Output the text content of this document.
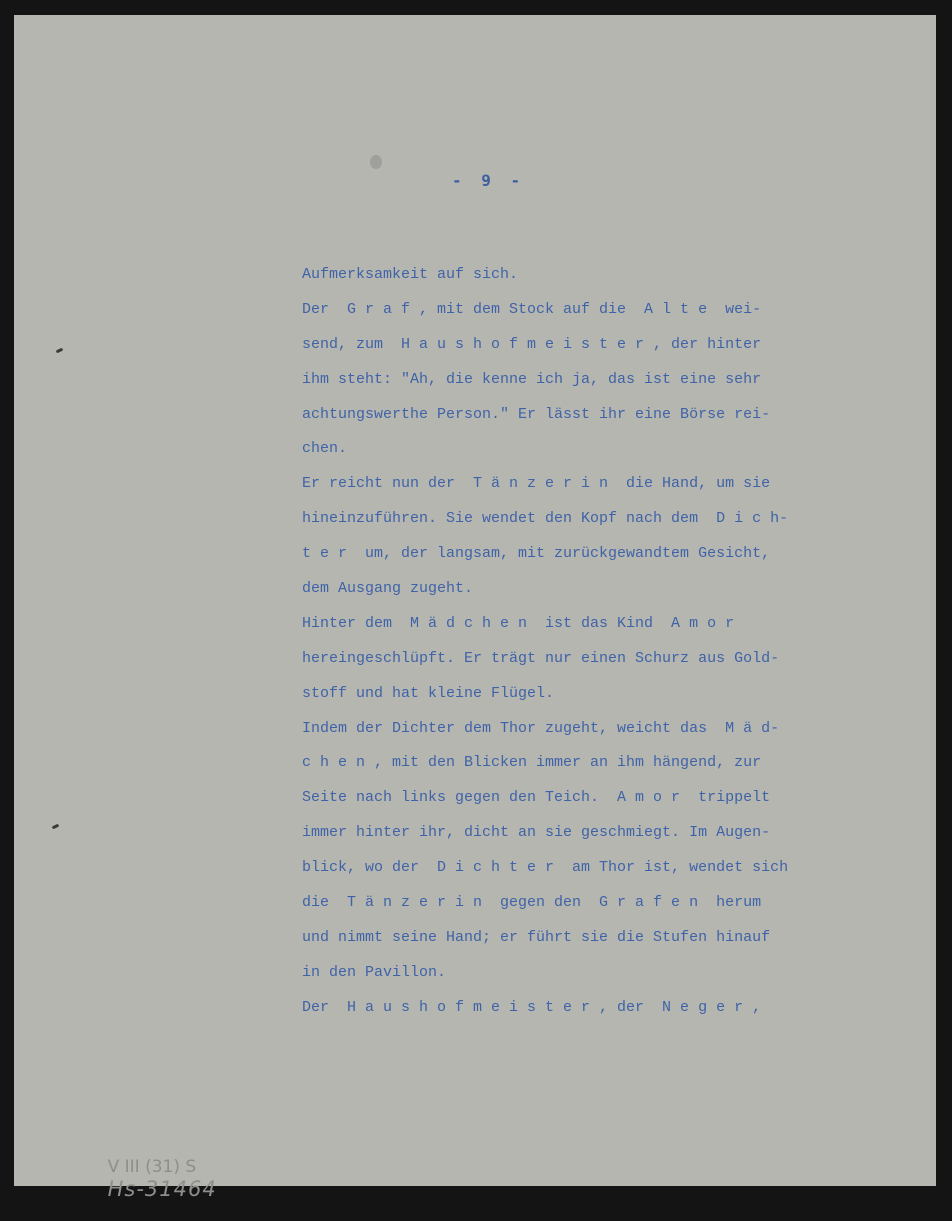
- 9 -

Aufmerksamkeit auf sich.

Der  G r a f , mit dem Stock auf die  A l t e  wei-

send, zum  H a u s h o f m e i s t e r , der hinter

ihm steht: "Ah, die kenne ich ja, das ist eine sehr

achtungswerthe Person." Er lässt ihr eine Börse rei-

chen.

Er reicht nun der  T ä n z e r i n  die Hand, um sie

hineinzuführen. Sie wendet den Kopf nach dem  D i c h-

t e r  um, der langsam, mit zurückgewandtem Gesicht,

dem Ausgang zugeht.

Hinter dem  M ä d c h e n  ist das Kind  A m o r

hereingeschlüpft. Er trägt nur einen Schurz aus Gold-

stoff und hat kleine Flügel.

Indem der Dichter dem Thor zugeht, weicht das  M ä d-

c h e n , mit den Blicken immer an ihm hängend, zur

Seite nach links gegen den Teich.  A m o r  trippelt

immer hinter ihr, dicht an sie geschmiegt. Im Augen-

blick, wo der  D i c h t e r  am Thor ist, wendet sich

die  T ä n z e r i n  gegen den  G r a f e n  herum

und nimmt seine Hand; er führt sie die Stufen hinauf

in den Pavillon.

Der  H a u s h o f m e i s t e r , der  N e g e r ,

V III (31) S
Hs-31464
